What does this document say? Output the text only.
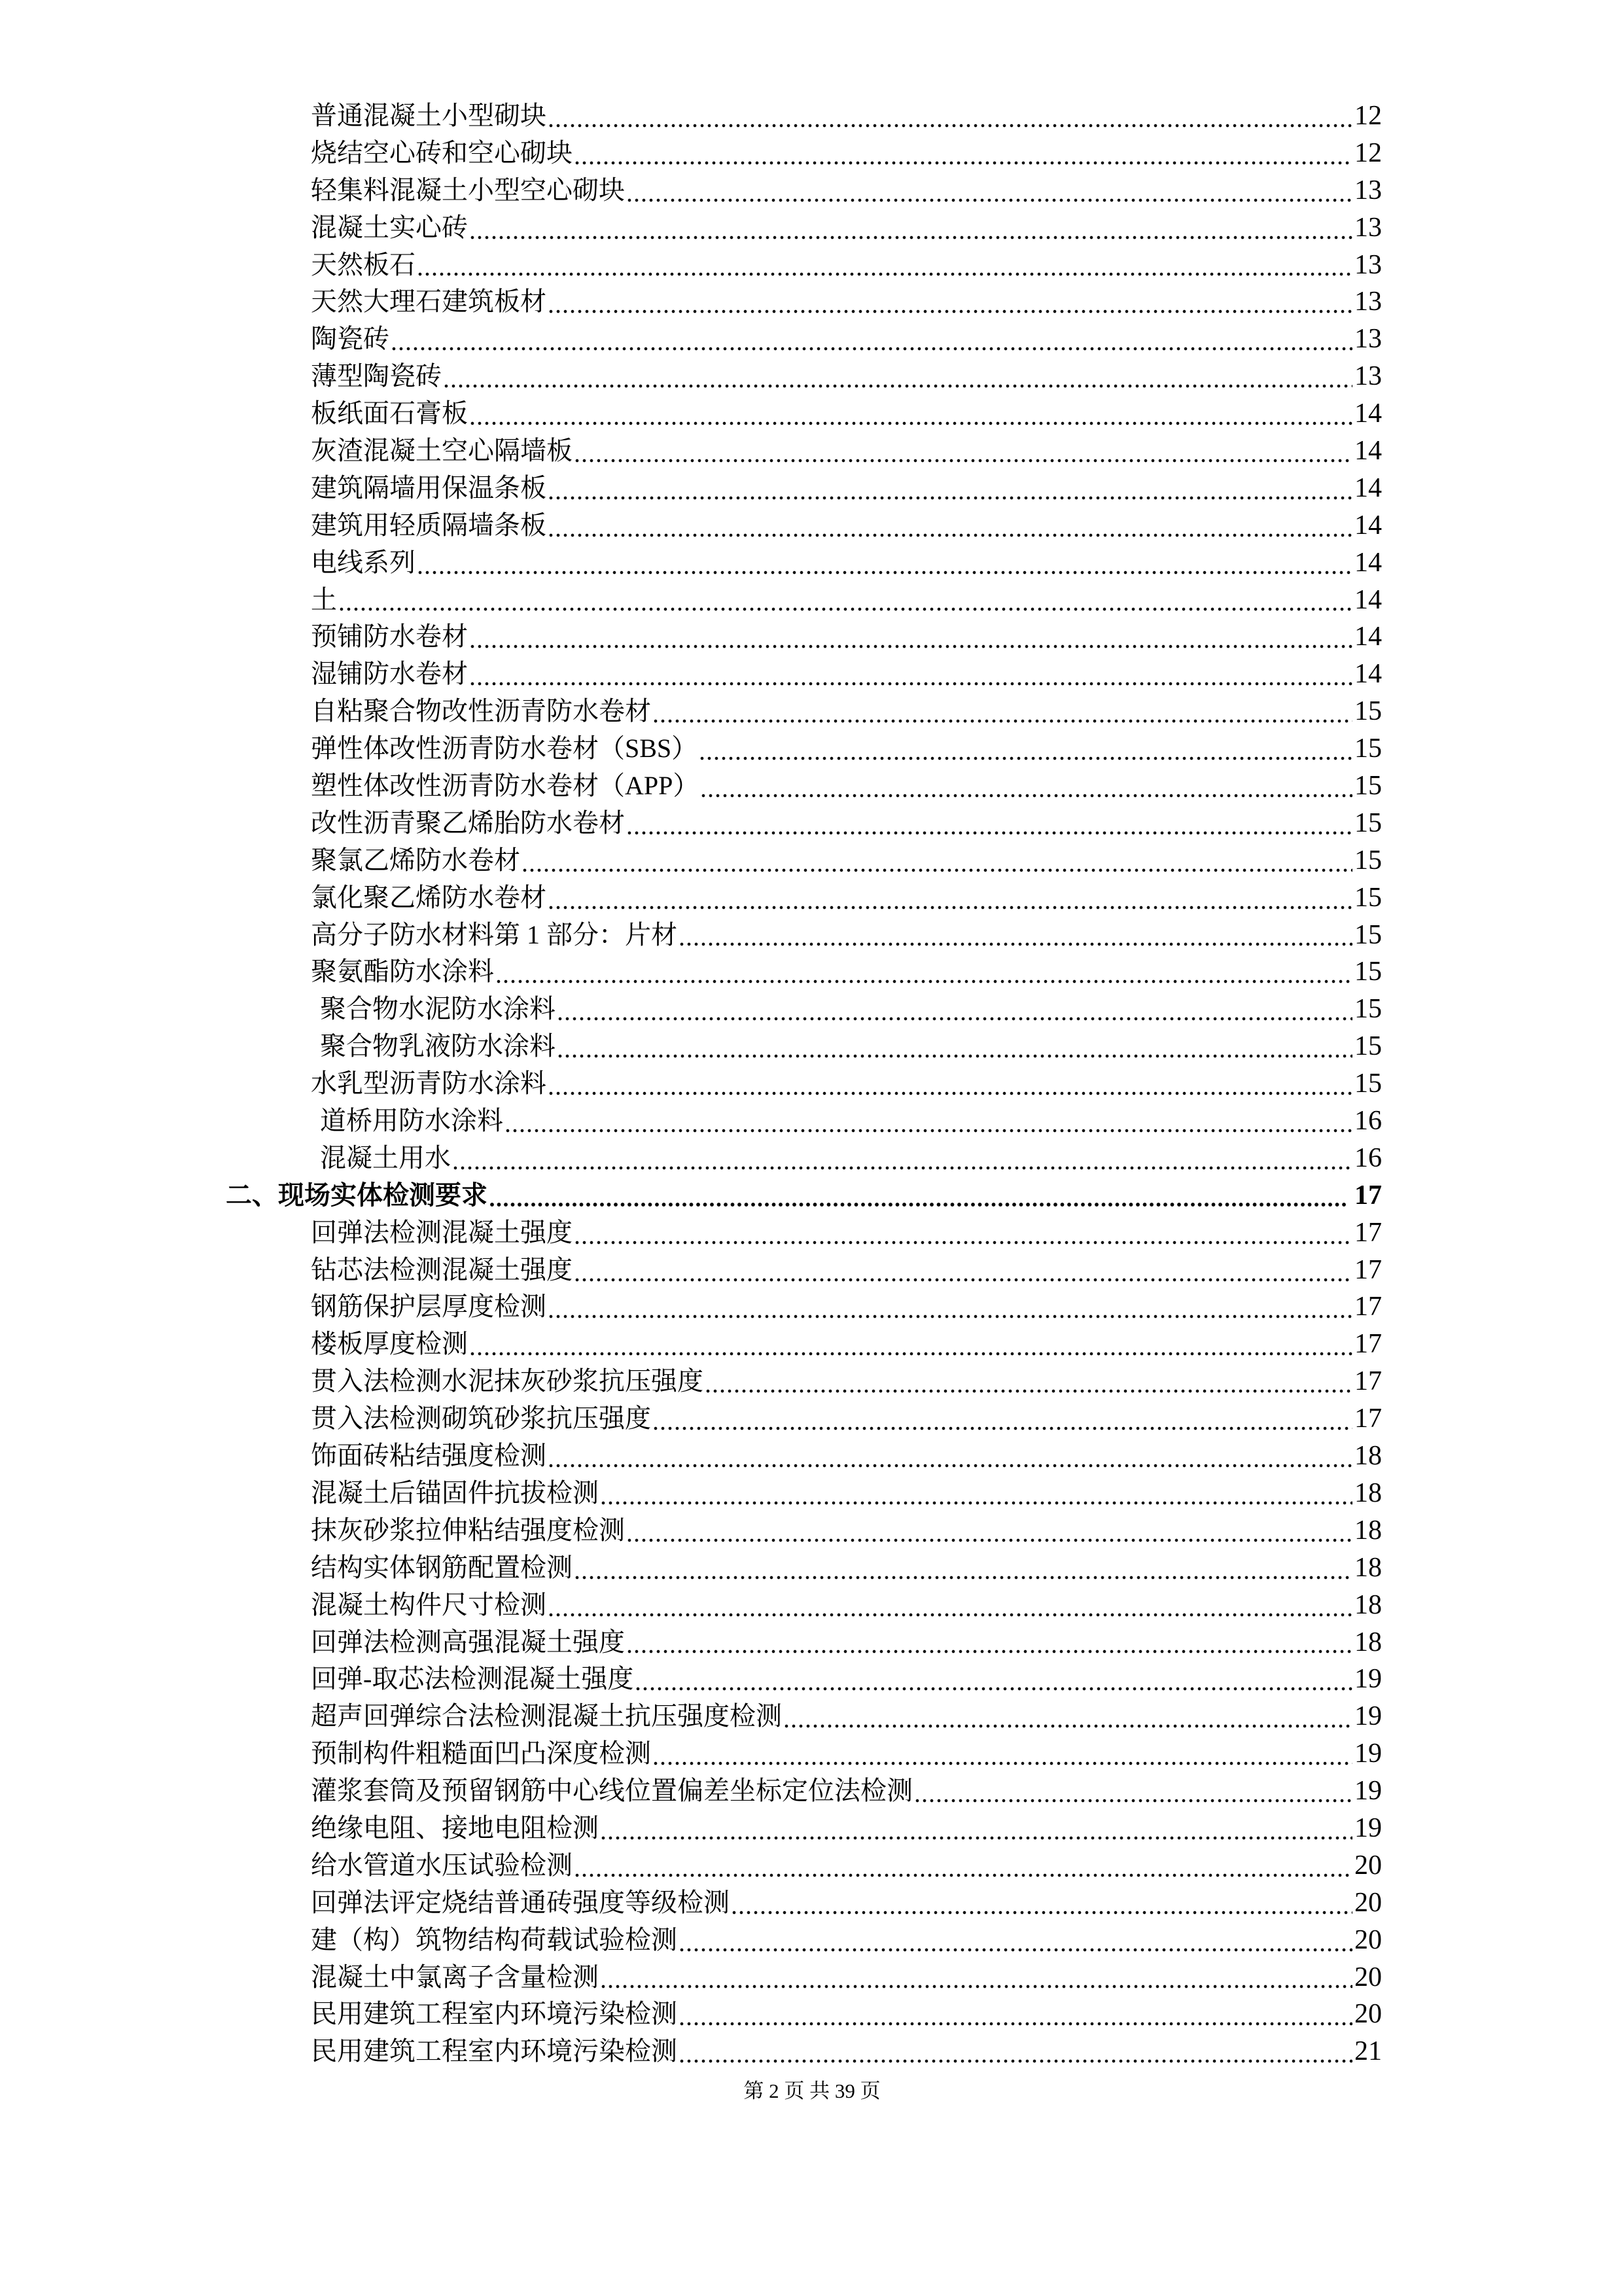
普通混凝土小型砌块	12
烧结空心砖和空心砌块	12
轻集料混凝土小型空心砌块	13
混凝土实心砖	13
天然板石	13
天然大理石建筑板材	13
陶瓷砖	13
薄型陶瓷砖	13
板纸面石膏板	14
灰渣混凝土空心隔墙板	14
建筑隔墙用保温条板	14
建筑用轻质隔墙条板	14
电线系列	14
土	14
预铺防水卷材	14
湿铺防水卷材	14
自粘聚合物改性沥青防水卷材	15
弹性体改性沥青防水卷材（SBS）	15
塑性体改性沥青防水卷材（APP）	15
改性沥青聚乙烯胎防水卷材	15
聚氯乙烯防水卷材	15
氯化聚乙烯防水卷材	15
高分子防水材料第 1 部分：片材	15
聚氨酯防水涂料	15
聚合物水泥防水涂料	15
聚合物乳液防水涂料	15
水乳型沥青防水涂料	15
道桥用防水涂料	16
混凝土用水	16
二、现场实体检测要求	17
回弹法检测混凝土强度	17
钻芯法检测混凝土强度	17
钢筋保护层厚度检测	17
楼板厚度检测	17
贯入法检测水泥抹灰砂浆抗压强度	17
贯入法检测砌筑砂浆抗压强度	17
饰面砖粘结强度检测	18
混凝土后锚固件抗拔检测	18
抹灰砂浆拉伸粘结强度检测	18
结构实体钢筋配置检测	18
混凝土构件尺寸检测	18
回弹法检测高强混凝土强度	18
回弹-取芯法检测混凝土强度	19
超声回弹综合法检测混凝土抗压强度检测	19
预制构件粗糙面凹凸深度检测	19
灌浆套筒及预留钢筋中心线位置偏差坐标定位法检测	19
绝缘电阻、接地电阻检测	19
给水管道水压试验检测	20
回弹法评定烧结普通砖强度等级检测	20
建（构）筑物结构荷载试验检测	20
混凝土中氯离子含量检测	20
民用建筑工程室内环境污染检测	20
民用建筑工程室内环境污染检测	21
第 2 页 共 39 页
